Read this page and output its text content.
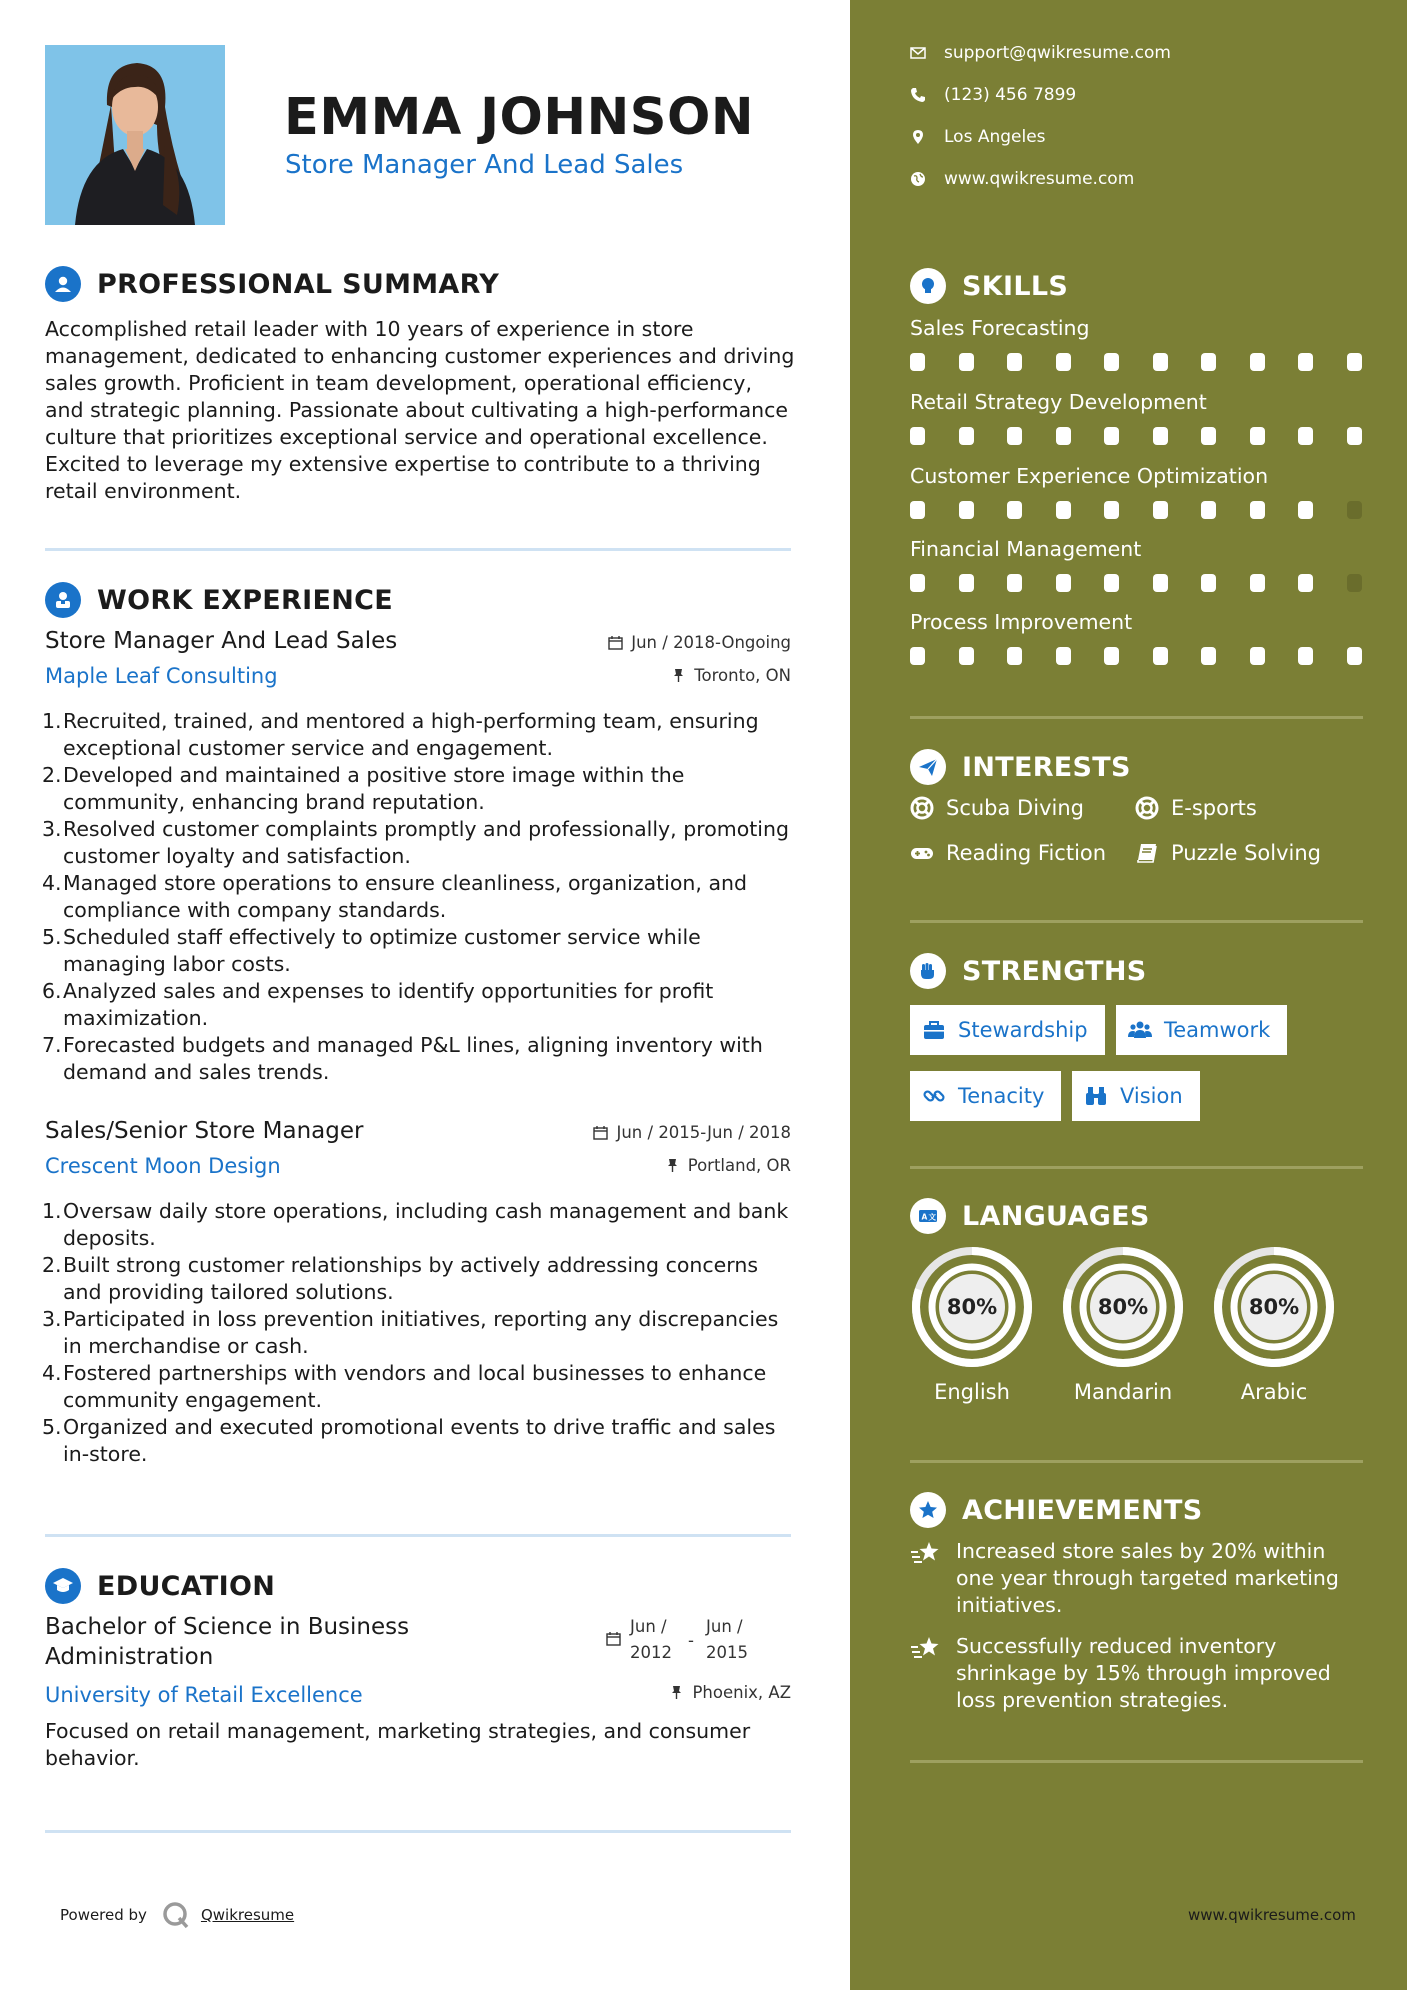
EMMA JOHNSON
Store Manager And Lead Sales
PROFESSIONAL SUMMARY
Accomplished retail leader with 10 years of experience in store management, dedicated to enhancing customer experiences and driving sales growth. Proficient in team development, operational efficiency, and strategic planning. Passionate about cultivating a high-performance culture that prioritizes exceptional service and operational excellence. Excited to leverage my extensive expertise to contribute to a thriving retail environment.
WORK EXPERIENCE
Store Manager And Lead Sales
Maple Leaf Consulting
Jun / 2018-Ongoing
Toronto, ON
1. Recruited, trained, and mentored a high-performing team, ensuring exceptional customer service and engagement.
2. Developed and maintained a positive store image within the community, enhancing brand reputation.
3. Resolved customer complaints promptly and professionally, promoting customer loyalty and satisfaction.
4. Managed store operations to ensure cleanliness, organization, and compliance with company standards.
5. Scheduled staff effectively to optimize customer service while managing labor costs.
6. Analyzed sales and expenses to identify opportunities for profit maximization.
7. Forecasted budgets and managed P&L lines, aligning inventory with demand and sales trends.
Sales/Senior Store Manager
Crescent Moon Design
Jun / 2015-Jun / 2018
Portland, OR
1. Oversaw daily store operations, including cash management and bank deposits.
2. Built strong customer relationships by actively addressing concerns and providing tailored solutions.
3. Participated in loss prevention initiatives, reporting any discrepancies in merchandise or cash.
4. Fostered partnerships with vendors and local businesses to enhance community engagement.
5. Organized and executed promotional events to drive traffic and sales in-store.
EDUCATION
Bachelor of Science in Business Administration
Jun /
2012
-
Jun /
2015
University of Retail Excellence	Phoenix, AZ
Focused on retail management, marketing strategies, and consumer behavior.
Powered by	Qwikresume
support@qwikresume.com
(123) 456 7899
Los Angeles
www.qwikresume.com
SKILLS
Sales Forecasting
Retail Strategy Development
Customer Experience Optimization
Financial Management
Process Improvement
INTERESTS
Scuba Diving	E-sports
Reading Fiction	Puzzle Solving
STRENGTHS
Stewardship	Teamwork
Tenacity	Vision
A 文 LANGUAGES
80%
English
80%
Mandarin
80%
Arabic
ACHIEVEMENTS
Increased store sales by 20% within one year through targeted marketing initiatives.
Successfully reduced inventory shrinkage by 15% through improved loss prevention strategies.
www.qwikresume.com
